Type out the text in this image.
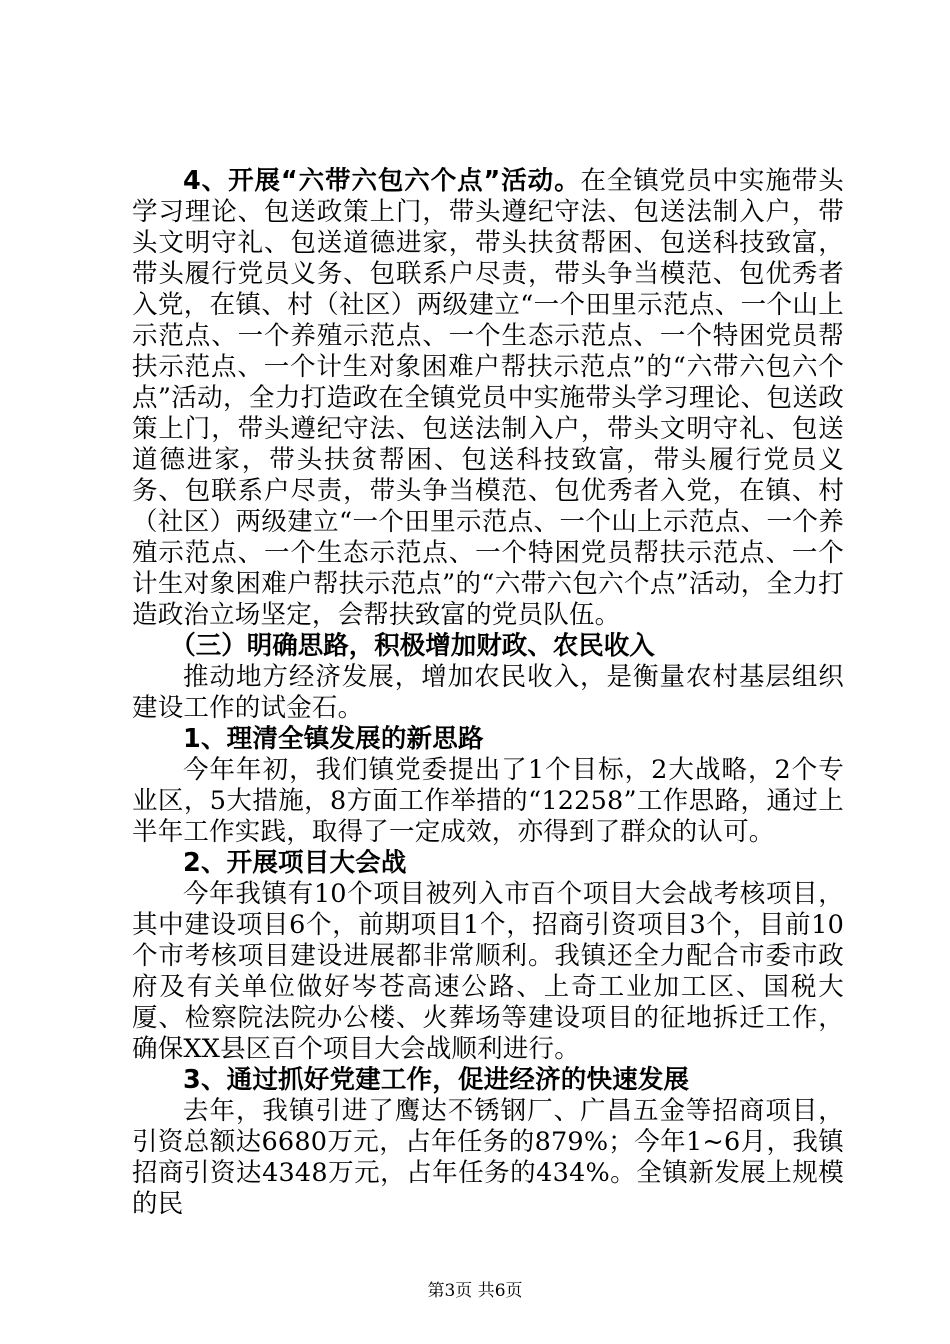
4、开展“六带六包六个点”活动。在全镇党员中实施带头学习理论、包送政策上门，带头遵纪守法、包送法制入户，带头文明守礼、包送道德进家，带头扶贫帮困、包送科技致富，带头履行党员义务、包联系户尽责，带头争当模范、包优秀者入党，在镇、村（社区）两级建立“一个田里示范点、一个山上示范点、一个养殖示范点、一个生态示范点、一个特困党员帮扶示范点、一个计生对象困难户帮扶示范点”的“六带六包六个点”活动，全力打造政在全镇党员中实施带头学习理论、包送政策上门，带头遵纪守法、包送法制入户，带头文明守礼、包送道德进家，带头扶贫帮困、包送科技致富，带头履行党员义务、包联系户尽责，带头争当模范、包优秀者入党，在镇、村（社区）两级建立“一个田里示范点、一个山上示范点、一个养殖示范点、一个生态示范点、一个特困党员帮扶示范点、一个计生对象困难户帮扶示范点”的“六带六包六个点”活动，全力打造政治立场坚定，会帮扶致富的党员队伍。

（三）明确思路，积极增加财政、农民收入

推动地方经济发展，增加农民收入，是衡量农村基层组织建设工作的试金石。

1、理清全镇发展的新思路

今年年初，我们镇党委提出了1个目标，2大战略，2个专业区，5大措施，8方面工作举措的“12258”工作思路，通过上半年工作实践，取得了一定成效，亦得到了群众的认可。

2、开展项目大会战

今年我镇有10个项目被列入市百个项目大会战考核项目，其中建设项目6个，前期项目1个，招商引资项目3个，目前10个市考核项目建设进展都非常顺利。我镇还全力配合市委市政府及有关单位做好岑苍高速公路、上奇工业加工区、国税大厦、检察院法院办公楼、火葬场等建设项目的征地拆迁工作，确保XX县区百个项目大会战顺利进行。

3、通过抓好党建工作，促进经济的快速发展

去年，我镇引进了鹰达不锈钢厂、广昌五金等招商项目，引资总额达6680万元，占年任务的879%；今年1~6月，我镇招商引资达4348万元，占年任务的434%。全镇新发展上规模的民

第3页 共6页
